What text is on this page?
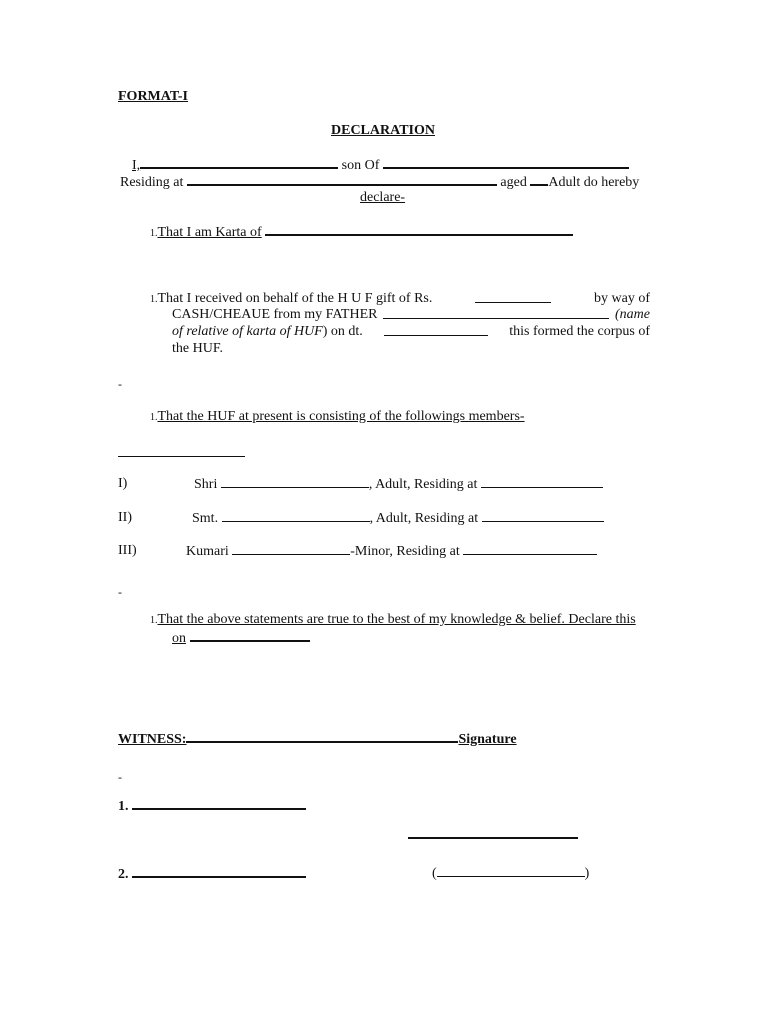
FORMAT-I
DECLARATION
I,	son Of
Residing at	aged Adult do hereby
declare-
1.That I am Karta of
1.That I received on behalf of the H U F gift of Rs.	by way of
CASH/CHEAUE from my FATHER	(name
of relative of karta of HUF) on dt.	this formed the corpus of
the HUF.
-
1.That the HUF at present is consisting of the followings members-
I)	Shri	, Adult, Residing at
II)	Smt.	, Adult, Residing at
III)	Kumari	-Minor, Residing at
-
1.That the above statements are true to the best of my knowledge & belief. Declare this
on
WITNESS:	Signature
-
1.
2.	(	)
